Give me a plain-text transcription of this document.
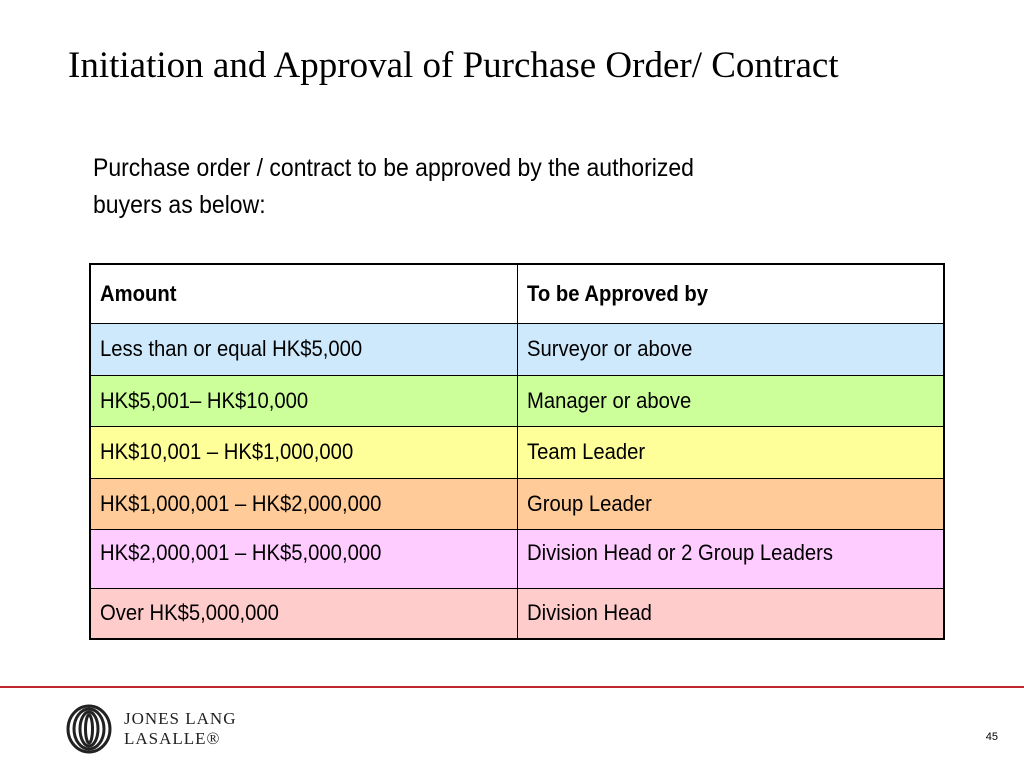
Initiation and Approval of Purchase Order/ Contract
Purchase order / contract to be approved by the authorized buyers as below:
Amount	To be Approved by
Less than or equal HK$5,000	Surveyor or above
HK$5,001– HK$10,000	Manager or above
HK$10,001 – HK$1,000,000	Team Leader
HK$1,000,001 – HK$2,000,000	Group Leader
HK$2,000,001 – HK$5,000,000	Division Head or 2 Group Leaders
Over HK$5,000,000	Division Head
JONES LANG
LASALLE®	45
